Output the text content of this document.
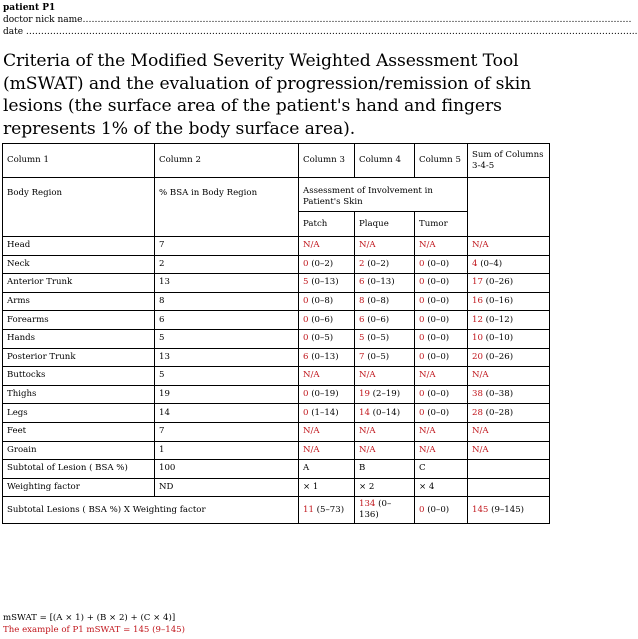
patient P1
doctor nick name…………………………………………………………………………………………………………………………………………………………………
date …………………………………………………………………………………………………………………………………………………………………………………...
Criteria of the Modified Severity Weighted Assessment Tool (mSWAT) and the evaluation of progression/remission of skin lesions (the surface area of the patient's hand and fingers represents 1% of the body surface area).
Column 1	Column 2	Column 3	Column 4	Column 5	Sum of Columns 3-4-5
Body Region	% BSA in Body Region	Assessment of Involvement in Patient's Skin			
		Patch	Plaque	Tumor	
Head	7	N/A	N/A	N/A	N/A
Neck	2	0 (0–2)	2 (0–2)	0 (0–0)	4 (0–4)
Anterior Trunk	13	5 (0–13)	6 (0–13)	0 (0–0)	17 (0–26)
Arms	8	0 (0–8)	8 (0–8)	0 (0–0)	16 (0–16)
Forearms	6	0 (0–6)	6 (0–6)	0 (0–0)	12 (0–12)
Hands	5	0 (0–5)	5 (0–5)	0 (0–0)	10 (0–10)
Posterior Trunk	13	6 (0–13)	7 (0–5)	0 (0–0)	20 (0–26)
Buttocks	5	N/A	N/A	N/A	N/A
Thighs	19	0 (0–19)	19 (2–19)	0 (0–0)	38 (0–38)
Legs	14	0 (1–14)	14 (0–14)	0 (0–0)	28 (0–28)
Feet	7	N/A	N/A	N/A	N/A
Groain	1	N/A	N/A	N/A	N/A
Subtotal of Lesion ( BSA %)	100	A	B	C	
Weighting factor	ND	× 1	× 2	× 4	
Subtotal Lesions ( BSA %) X Weighting factor		11 (5–73)	134 (0–136)	0 (0–0)	145 (9–145)
mSWAT = [(A × 1) + (B × 2) + (C × 4)]
The example of P1 mSWAT = 145 (9–145)
